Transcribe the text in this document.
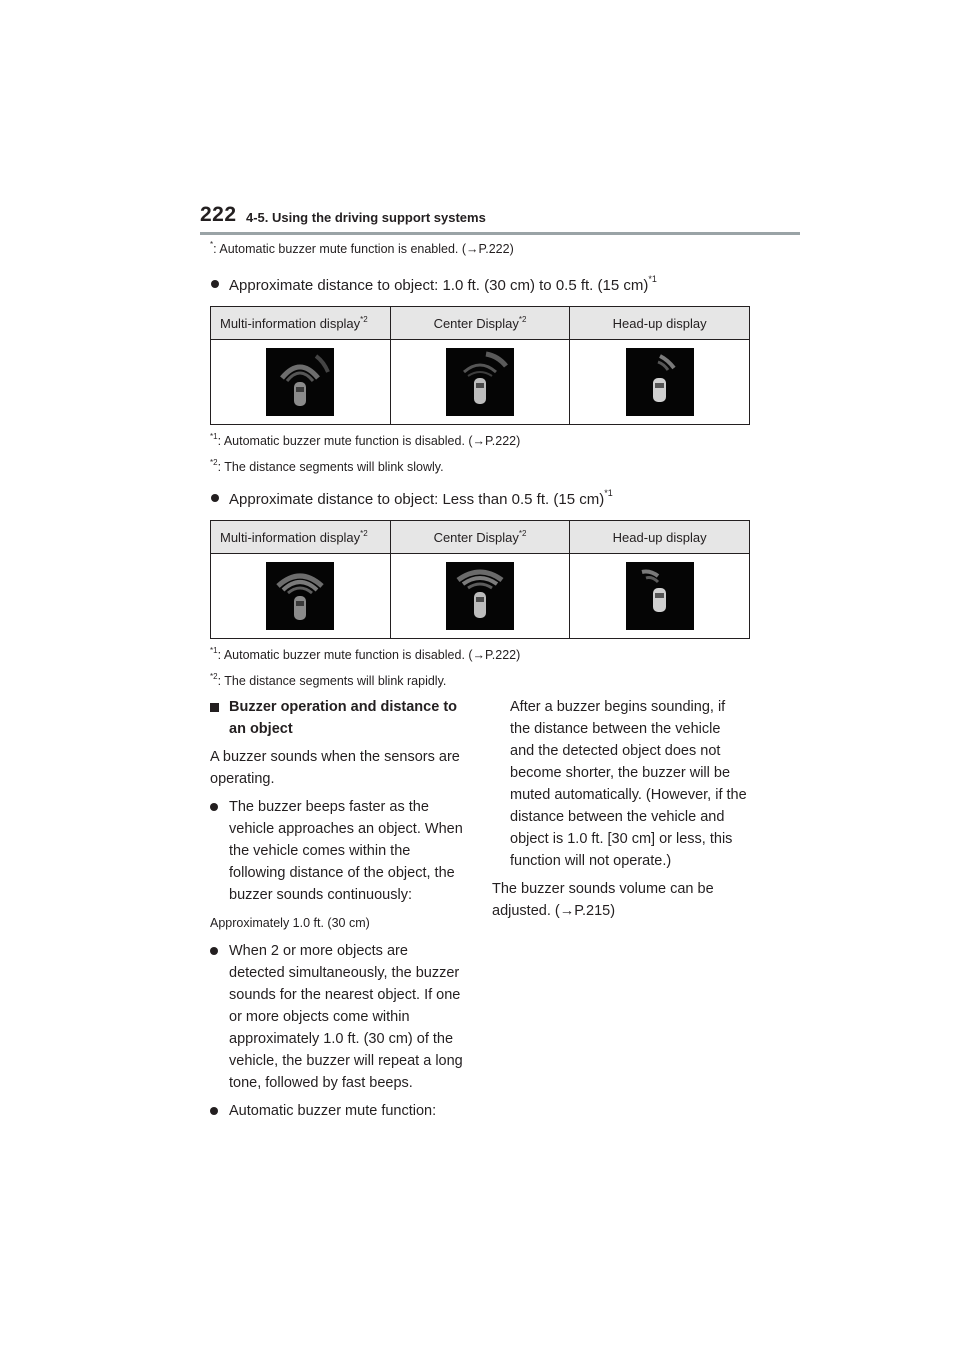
222 4-5. Using the driving support systems
*: Automatic buzzer mute function is enabled. (→P.222)
Approximate distance to object: 1.0 ft. (30 cm) to 0.5 ft. (15 cm)$^{*1}$
Multi-information display$^{*2}$	Center Display$^{*2}$	Head-up display

$^{*1}$: Automatic buzzer mute function is disabled. (→P.222)
$^{*2}$: The distance segments will blink slowly.
Approximate distance to object: Less than 0.5 ft. (15 cm)$^{*1}$
Multi-information display$^{*2}$	Center Display$^{*2}$	Head-up display

$^{*1}$: Automatic buzzer mute function is disabled. (→P.222)
$^{*2}$: The distance segments will blink rapidly.

Buzzer operation and distance to an object

A buzzer sounds when the sensors are operating.

The buzzer beeps faster as the vehicle approaches an object. When the vehicle comes within the following distance of the object, the buzzer sounds continuously:

Approximately 1.0 ft. (30 cm)

When 2 or more objects are detected simultaneously, the buzzer sounds for the nearest object. If one or more objects come within approximately 1.0 ft. (30 cm) of the vehicle, the buzzer will repeat a long tone, followed by fast beeps.

Automatic buzzer mute function:

After a buzzer begins sounding, if the distance between the vehicle and the detected object does not become shorter, the buzzer will be muted automatically. (However, if the distance between the vehicle and object is 1.0 ft. [30 cm] or less, this function will not operate.)

The buzzer sounds volume can be adjusted. (→P.215)
